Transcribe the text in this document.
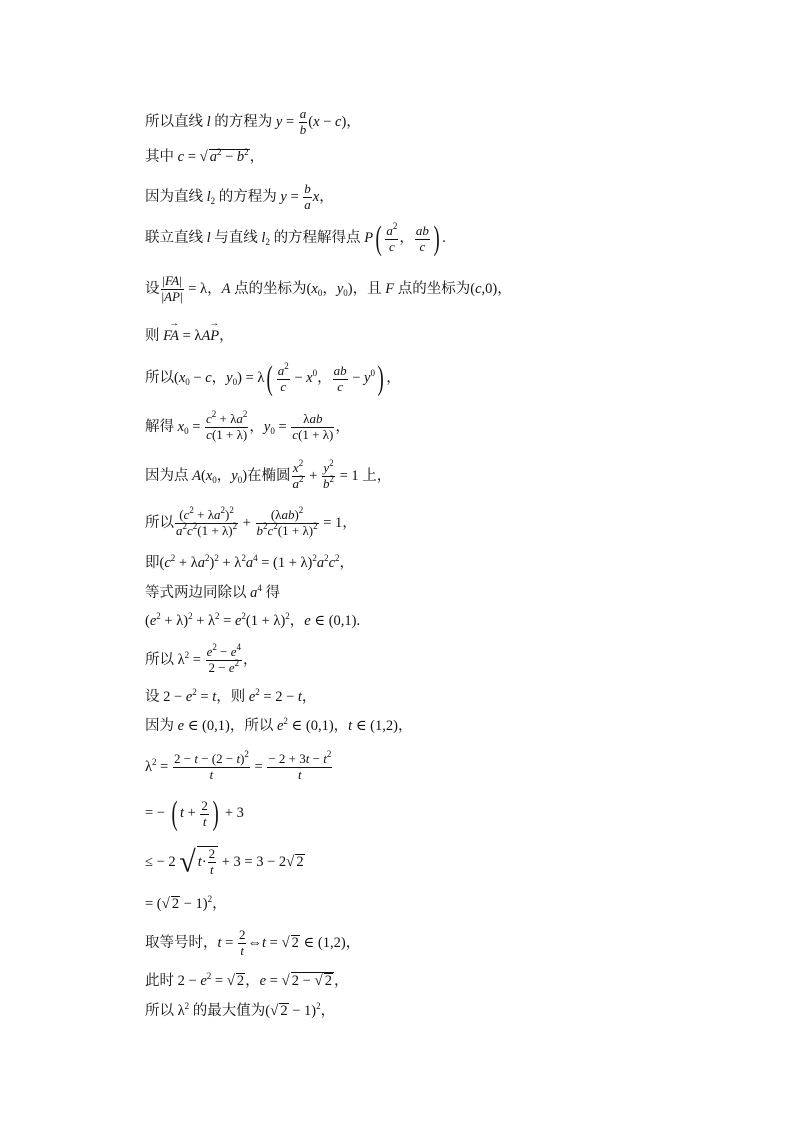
所以直线 l 的方程为 $y = \frac{a}{b} (x - c)$，
其中 c = √ $a^2 - b^2$，
因为直线 $l_2$ 的方程为 $y = \frac{b}{a}$ x，
联立直线 l 与直线 $l_2$ 的方程解得点 $P( \frac{a^2}{c}$ ， $\frac{ab}{c}$ ) .
设 $\frac{|FA|}{|AP|} = \lambda$，A 点的坐标为($x_0$，$y_0$)，且 F 点的坐标为(c,0)，
则 → FA = λ→ AP，
所以($x_0 - c$，$y_0) = \lambda( \frac{a^2}{c} - x^0$， $\frac{ab}{c} - y^0$) ，
解得 $x_0 = \frac{c^2 + \lambda a^2}{c(1 + \lambda)}$ ，$y_0 = \frac{\text{λab}}{c(1 + \lambda)}$ ，
因为点 $A(x_0$，$y_0$)在椭圆 $\frac{x^2}{a^2} + \frac{y^2}{b^2} = 1$ 上，
所以 $\frac{(c^2 + \lambda a^2)^2}{a^2c^2(1 + \lambda)^2} + \frac{(\lambda ab)^2}{b^2c^2(1 + \lambda)^2} = 1$，
即$(c^2 + \lambda a^2)^2 + \lambda^2a^4 = (1 + \lambda)^2a^2c^2$，
等式两边同除以 $a^4$ 得
$(e^2 + \lambda)^2 + \lambda^2 = e^2(1 + \lambda)^2$，e ∈ (0,1).
所以 $\lambda^2 = \frac{e^2 - e^4}{2 - e^2}$ ，
设 $2 - e^2 = t$，则 $e^2 = 2 - t$，
因为 e ∈ (0,1)，所以 $e^2$ ∈ (0,1)，t ∈ (1,2)，
$\lambda^2 = \frac{2 - t - (2 - t)^2}{t} = \frac{- 2 + 3t - t^2}{t}$
= − ( $t + \frac{2}{t}$ ) + 3
≤ − 2 √ $t\cdot \frac{2}{t} + 3 = 3 - 2√$ 2
= (√ 2 − 1)$^2$，
取等号时，$t = \frac{2}{t}$ ⇔t = √ 2 ∈ (1,2)，
此时 $2 - e^2$ = √ 2，e = √ 2 − √ 2 ，
所以 $\lambda^2$ 的最大值为(√ 2 − 1)$^2$，
